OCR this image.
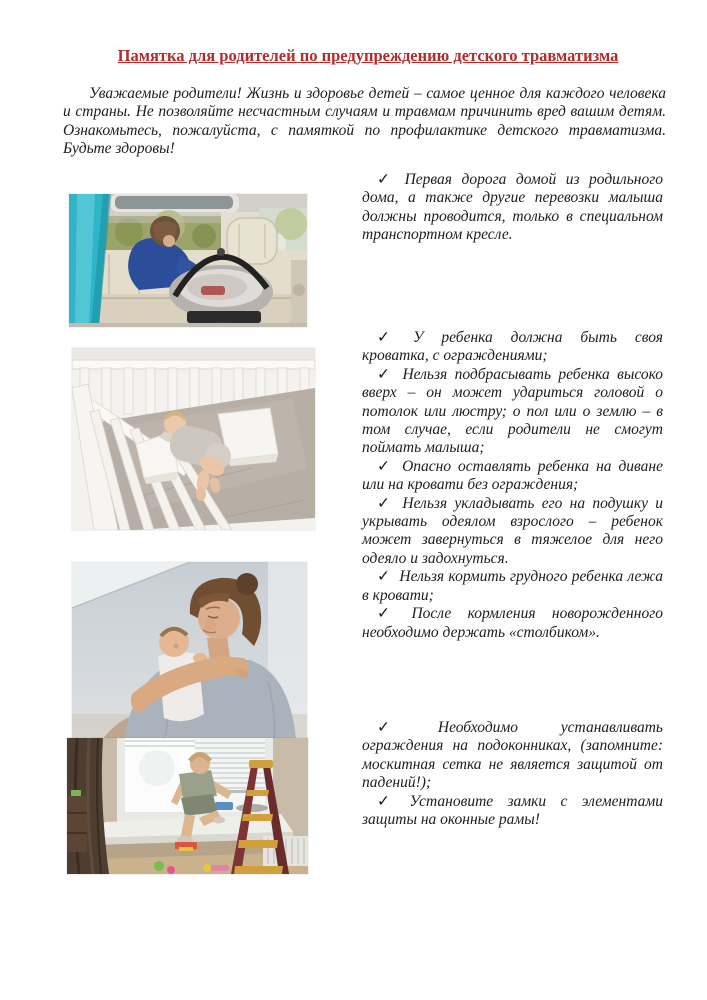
Памятка для родителей по предупреждению детского травматизма

Уважаемые родители! Жизнь и здоровье детей – самое ценное для каждого человека и страны. Не позволяйте несчастным случаям и травмам причинить вред вашим детям. Ознакомьтесь, пожалуйста, с памяткой по профилактике детского травматизма. Будьте здоровы!

✓ Первая дорога домой из родильного дома, а также другие перевозки малыша должны проводится, только в специальном транспортном кресле.
✓ У ребенка должна быть своя кроватка, с ограждениями;
✓ Нельзя подбрасывать ребенка высоко вверх – он может удариться головой о потолок или люстру; о пол или о землю – в том случае, если родители не смогут поймать малыша;
✓ Опасно оставлять ребенка на диване или на кровати без ограждения;
✓ Нельзя укладывать его на подушку и укрывать одеялом взрослого – ребенок может завернуться в тяжелое для него одеяло и задохнуться.
✓ Нельзя кормить грудного ребенка лежа в кровати;
✓ После кормления новорожденного необходимо держать «столбиком».
✓ Необходимо устанавливать ограждения на подоконниках, (запомните: москитная сетка не является защитой от падений!);
✓ Установите замки с элементами защиты на оконные рамы!
